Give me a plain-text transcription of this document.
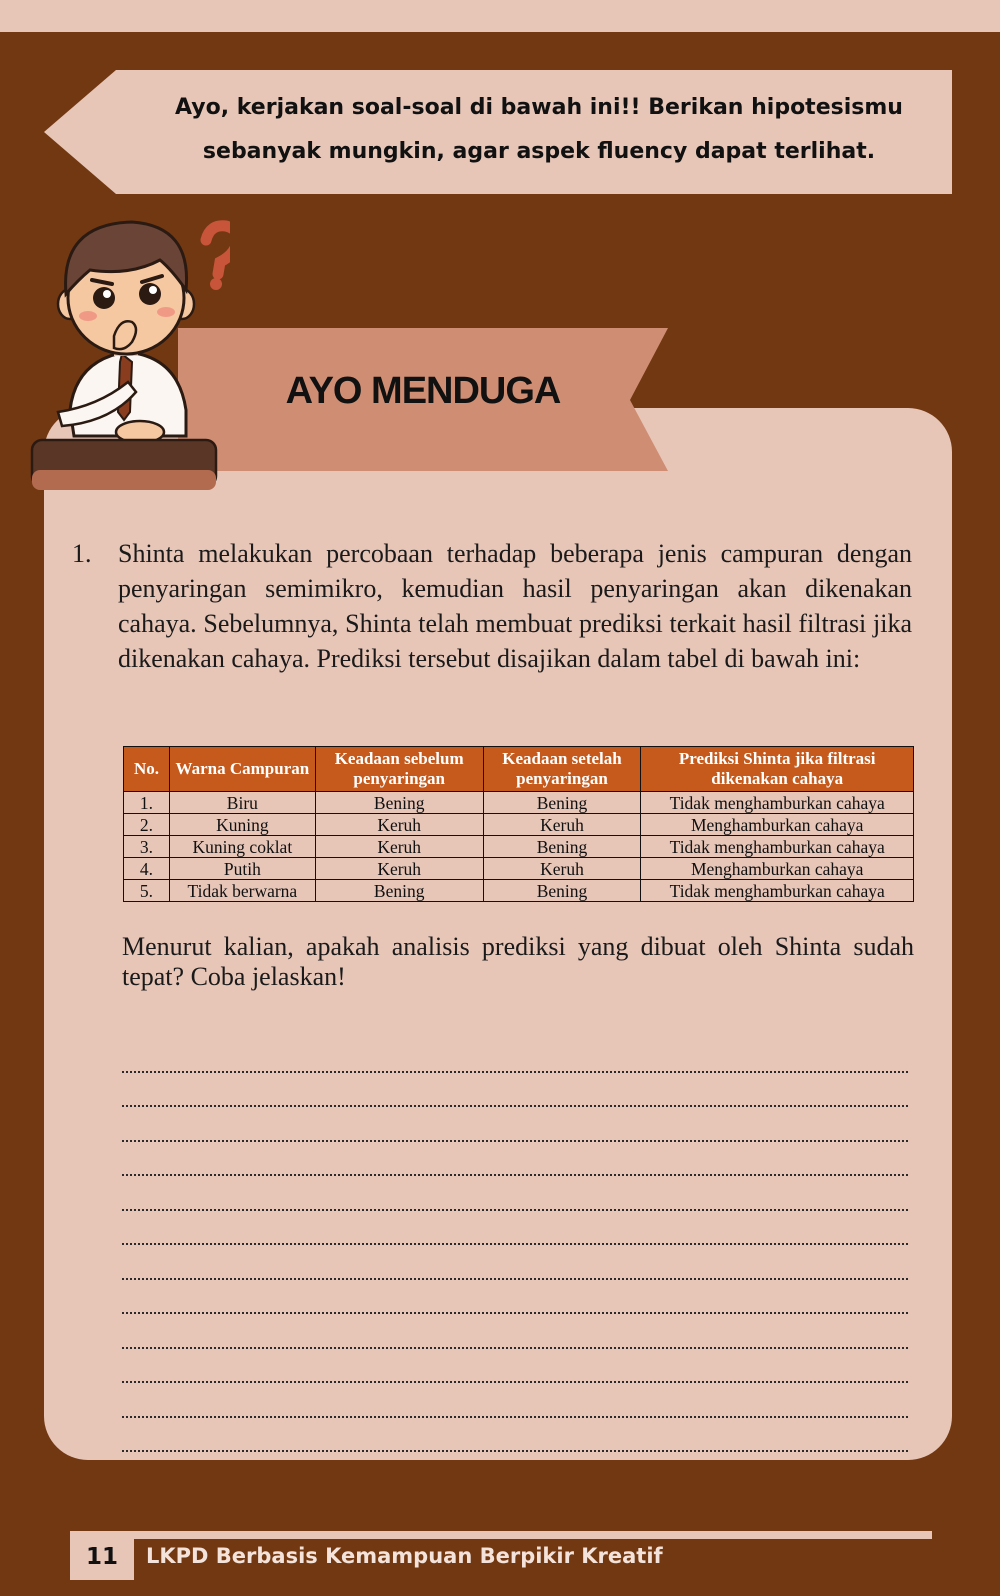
Ayo, kerjakan soal-soal di bawah ini!! Berikan hipotesismu
sebanyak mungkin, agar aspek fluency dapat terlihat.
AYO MENDUGA
1. Shinta melakukan percobaan terhadap beberapa jenis campuran dengan penyaringan semimikro, kemudian hasil penyaringan akan dikenakan cahaya. Sebelumnya, Shinta telah membuat prediksi terkait hasil filtrasi jika dikenakan cahaya. Prediksi tersebut disajikan dalam tabel di bawah ini:
No.	Warna Campuran	Keadaan sebelum penyaringan	Keadaan setelah penyaringan	Prediksi Shinta jika filtrasi dikenakan cahaya
1.	Biru	Bening	Bening	Tidak menghamburkan cahaya
2.	Kuning	Keruh	Keruh	Menghamburkan cahaya
3.	Kuning coklat	Keruh	Bening	Tidak menghamburkan cahaya
4.	Putih	Keruh	Keruh	Menghamburkan cahaya
5.	Tidak berwarna	Bening	Bening	Tidak menghamburkan cahaya
Menurut kalian, apakah analisis prediksi yang dibuat oleh Shinta sudah tepat? Coba jelaskan!
11	LKPD Berbasis Kemampuan Berpikir Kreatif
